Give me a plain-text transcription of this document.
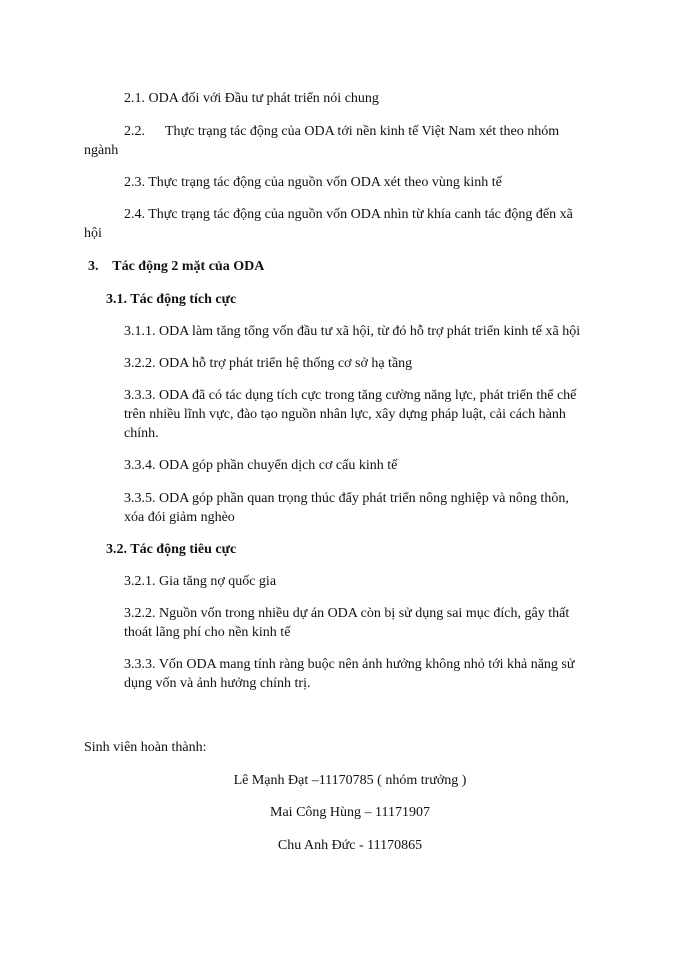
2.1. ODA đối với Đầu tư phát triển nói chung
2.2. Thực trạng tác động của ODA tới nền kinh tế Việt Nam xét theo nhóm
ngành
2.3. Thực trạng tác động của nguồn vốn ODA xét theo vùng kinh tế
2.4. Thực trạng tác động của nguồn vốn ODA nhìn từ khía canh tác động đến xã
hội
3.    Tác động 2 mặt của ODA
3.1. Tác động tích cực
3.1.1. ODA làm tăng tổng vốn đầu tư xã hội, từ đó hỗ trợ phát triển kinh tế xã hội
3.2.2. ODA hỗ trợ phát triển hệ thống cơ sở hạ tầng
3.3.3. ODA đã có tác dụng tích cực trong tăng cường năng lực, phát triển thể chế
trên nhiều lĩnh vực, đào tạo nguồn nhân lực, xây dựng pháp luật, cải cách hành
chính.
3.3.4. ODA góp phần chuyển dịch cơ cấu kinh tế
3.3.5. ODA góp phần quan trọng thúc đẩy phát triển nông nghiệp và nông thôn,
xóa đói giảm nghèo
3.2. Tác động tiêu cực
3.2.1. Gia tăng nợ quốc gia
3.2.2. Nguồn vốn trong nhiều dự án ODA còn bị sử dụng sai mục đích, gây thất
thoát lãng phí cho nền kinh tế
3.3.3. Vốn ODA mang tính ràng buộc nên ảnh hưởng không nhỏ tới khả năng sử
dụng vốn và ảnh hưởng chính trị.
Sinh viên hoàn thành:
Lê Mạnh Đạt –11170785 ( nhóm trưởng )
Mai Công Hùng – 11171907
Chu Anh Đức - 11170865
